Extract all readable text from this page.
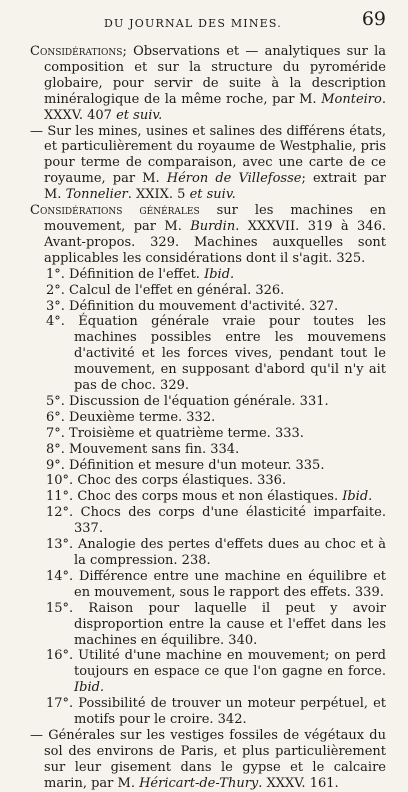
DU JOURNAL DES MINES.	69

Considérations; Observations et — analytiques sur la composition et sur la structure du pyroméride globaire, pour servir de suite à la description minéralogique de la même roche, par M. Monteiro. XXXV. 407 et suiv.

— Sur les mines, usines et salines des différens états, et particulièrement du royaume de Westphalie, pris pour terme de comparaison, avec une carte de ce royaume, par M. Héron de Villefosse; extrait par M. Tonnelier. XXIX. 5 et suiv.

Considérations générales sur les machines en mouvement, par M. Burdin. XXXVII. 319 à 346. Avant-propos. 329. Machines auxquelles sont applicables les considérations dont il s'agit. 325.

1°. Définition de l'effet. Ibid.

2°. Calcul de l'effet en général. 326.

3°. Définition du mouvement d'activité. 327.

4°. Équation générale vraie pour toutes les machines possibles entre les mouvemens d'activité et les forces vives, pendant tout le mouvement, en supposant d'abord qu'il n'y ait pas de choc. 329.

5°. Discussion de l'équation générale. 331.

6°. Deuxième terme. 332.

7°. Troisième et quatrième terme. 333.

8°. Mouvement sans fin. 334.

9°. Définition et mesure d'un moteur. 335.

10°. Choc des corps élastiques. 336.

11°. Choc des corps mous et non élastiques. Ibid.

12°. Chocs des corps d'une élasticité imparfaite. 337.

13°. Analogie des pertes d'effets dues au choc et à la compression. 238.

14°. Différence entre une machine en équilibre et en mouvement, sous le rapport des effets. 339.

15°. Raison pour laquelle il peut y avoir disproportion entre la cause et l'effet dans les machines en équilibre. 340.

16°. Utilité d'une machine en mouvement; on perd toujours en espace ce que l'on gagne en force. Ibid.

17°. Possibilité de trouver un moteur perpétuel, et motifs pour le croire. 342.

— Générales sur les vestiges fossiles de végétaux du sol des environs de Paris, et plus particulièrement sur leur gisement dans le gypse et le calcaire marin, par M. Héricart-de-Thury. XXXV. 161.
